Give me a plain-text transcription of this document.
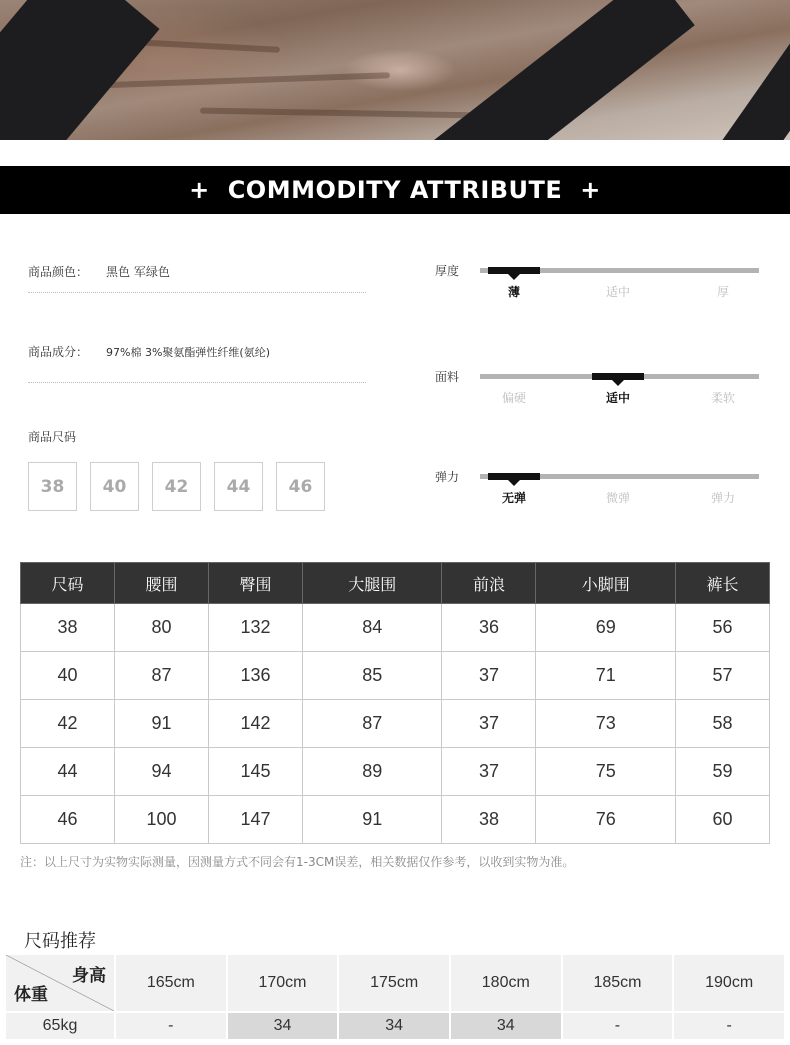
+ COMMODITY ATTRIBUTE +
商品颜色： 黑色 军绿色
商品成分： 97%棉 3%聚氨酯弹性纤维(氨纶)
商品尺码
38	40	42	44	46
厚度
薄	适中	厚
面料
偏硬	适中	柔软
弹力
无弹	微弹	弹力
尺码	腰围	臀围	大腿围	前浪	小脚围	裤长
38	80	132	84	36	69	56
40	87	136	85	37	71	57
42	91	142	87	37	73	58
44	94	145	89	37	75	59
46	100	147	91	38	76	60
注：以上尺寸为实物实际测量，因测量方式不同会有1-3CM误差，相关数据仅作参考，以收到实物为准。
尺码推荐
身高
体重	165cm	170cm	175cm	180cm	185cm	190cm
65kg	-	34	34	34	-	-
